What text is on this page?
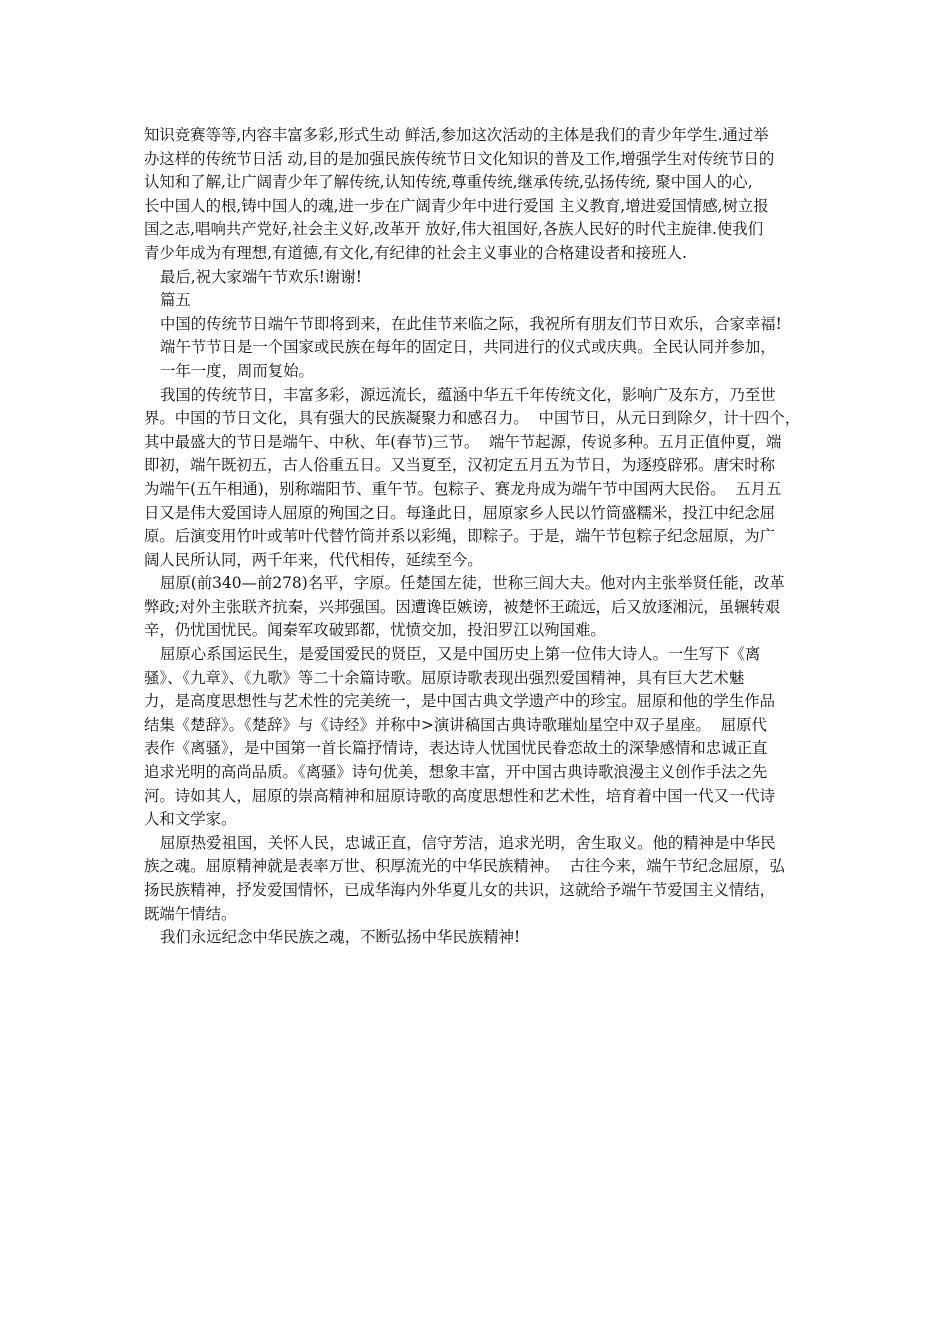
知识竞赛等等,内容丰富多彩,形式生动 鲜活,参加这次活动的主体是我们的青少年学生.通过举
办这样的传统节日活 动,目的是加强民族传统节日文化知识的普及工作,增强学生对传统节日的
认知和了解,让广阔青少年了解传统,认知传统,尊重传统,继承传统,弘扬传统, 聚中国人的心,
长中国人的根,铸中国人的魂,进一步在广阔青少年中进行爱国 主义教育,增进爱国情感,树立报
国之志,唱响共产党好,社会主义好,改革开 放好,伟大祖国好,各族人民好的时代主旋律.使我们
青少年成为有理想,有道德,有文化,有纪律的社会主义事业的合格建设者和接班人.
最后,祝大家端午节欢乐!谢谢!
篇五
中国的传统节日端午节即将到来，在此佳节来临之际，我祝所有朋友们节日欢乐，合家幸福!
端午节节日是一个国家或民族在每年的固定日，共同进行的仪式或庆典。全民认同并参加，
一年一度，周而复始。
我国的传统节日，丰富多彩，源远流长，蕴涵中华五千年传统文化，影响广及东方，乃至世
界。中国的节日文化，具有强大的民族凝聚力和感召力。  中国节日，从元日到除夕，计十四个，
其中最盛大的节日是端午、中秋、年(春节)三节。  端午节起源，传说多种。五月正值仲夏，端
即初，端午既初五，古人俗重五日。又当夏至，汉初定五月五为节日，为逐疫辟邪。唐宋时称
为端午(五午相通)，别称端阳节、重午节。包粽子、赛龙舟成为端午节中国两大民俗。  五月五
日又是伟大爱国诗人屈原的殉国之日。每逢此日，屈原家乡人民以竹筒盛糯米，投江中纪念屈
原。后演变用竹叶或苇叶代替竹筒并系以彩绳，即粽子。于是，端午节包粽子纪念屈原，为广
阔人民所认同，两千年来，代代相传，延续至今。
屈原(前340—前278)名平，字原。任楚国左徒，世称三闾大夫。他对内主张举贤任能，改革
弊政;对外主张联齐抗秦，兴邦强国。因遭谗臣嫉谤，被楚怀王疏远，后又放逐湘沅，虽辗转艰
辛，仍忧国忧民。闻秦军攻破郢都，忧愤交加，投汨罗江以殉国难。
屈原心系国运民生，是爱国爱民的贤臣，又是中国历史上第一位伟大诗人。一生写下《离
骚》、《九章》、《九歌》等二十余篇诗歌。屈原诗歌表现出强烈爱国精神，具有巨大艺术魅
力，是高度思想性与艺术性的完美统一，是中国古典文学遗产中的珍宝。屈原和他的学生作品
结集《楚辞》。《楚辞》与《诗经》并称中>演讲稿国古典诗歌璀灿星空中双子星座。  屈原代
表作《离骚》，是中国第一首长篇抒情诗，表达诗人忧国忧民眷恋故土的深挚感情和忠诚正直
追求光明的高尚品质。《离骚》诗句优美，想象丰富，开中国古典诗歌浪漫主义创作手法之先
河。诗如其人，屈原的崇高精神和屈原诗歌的高度思想性和艺术性，培育着中国一代又一代诗
人和文学家。
屈原热爱祖国，关怀人民，忠诚正直，信守芳洁，追求光明，舍生取义。他的精神是中华民
族之魂。屈原精神就是表率万世、积厚流光的中华民族精神。  古往今来，端午节纪念屈原，弘
扬民族精神，抒发爱国情怀，已成华海内外华夏儿女的共识，这就给予端午节爱国主义情结，
既端午情结。
我们永远纪念中华民族之魂，不断弘扬中华民族精神!
